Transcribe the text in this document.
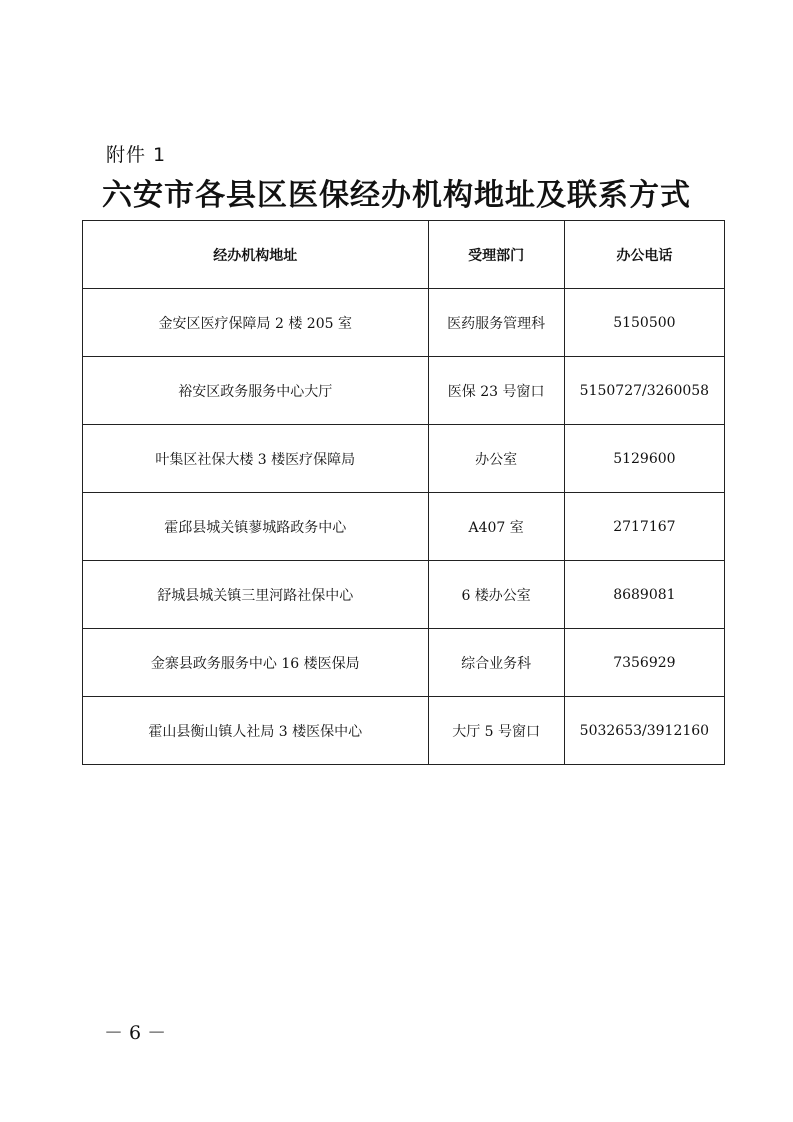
附件 1
六安市各县区医保经办机构地址及联系方式
经办机构地址	受理部门	办公电话
金安区医疗保障局 2 楼 205 室	医药服务管理科	5150500
裕安区政务服务中心大厅	医保 23 号窗口	5150727/3260058
叶集区社保大楼 3 楼医疗保障局	办公室	5129600
霍邱县城关镇蓼城路政务中心	A407 室	2717167
舒城县城关镇三里河路社保中心	6 楼办公室	8689081
金寨县政务服务中心 16 楼医保局	综合业务科	7356929
霍山县衡山镇人社局 3 楼医保中心	大厅 5 号窗口	5032653/3912160
－ 6 －
